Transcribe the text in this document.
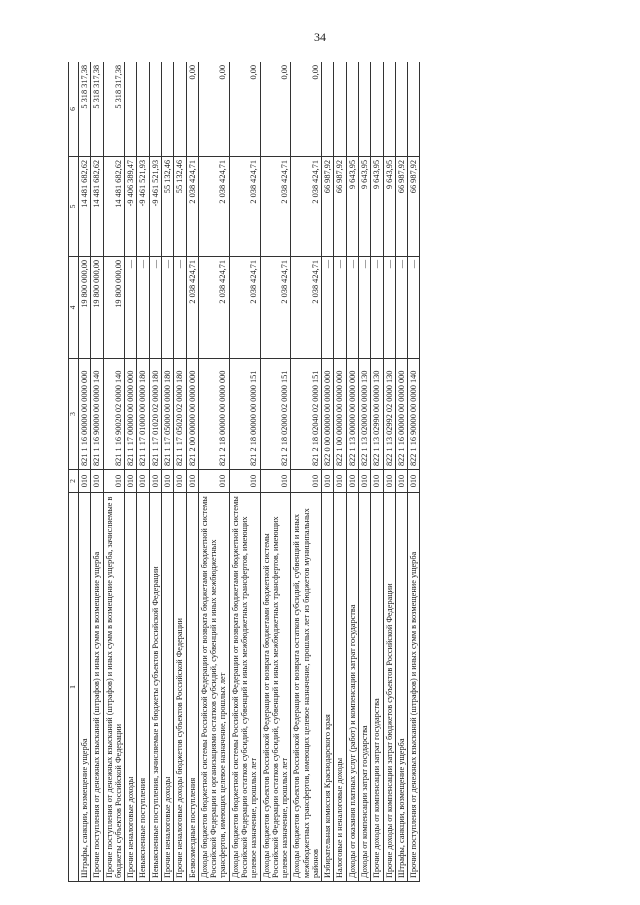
34
1	2	3	4	5	6
Штрафы, санкции, возмещение ущерба	010	821 1 16 00000 00 0000 000	19 800 000,00	14 481 682,62	5 318 317,38
Прочие поступления от денежных взысканий (штрафов) и иных сумм в возмещение ущерба	010	821 1 16 90000 00 0000 140	19 800 000,00	14 481 682,62	5 318 317,38
Прочие поступления от денежных взысканий (штрафов) и иных сумм в возмещение ущерба, зачисляемые в бюджеты субъектов Российской Федерации	010	821 1 16 90020 02 0000 140	19 800 000,00	14 481 682,62	5 318 317,38
Прочие неналоговые доходы	010	821 1 17 00000 00 0000 000	—	-9 406 389,47	
Невыясненные поступления	010	821 1 17 01000 00 0000 180	—	-9 461 521,93	
Невыясненные поступления, зачисляемые в бюджеты субъектов Российской Федерации	010	821 1 17 01020 02 0000 180	—	-9 461 521,93	
Прочие неналоговые доходы	010	821 1 17 05000 00 0000 180	—	55 132,46	
Прочие неналоговые доходы бюджетов субъектов Российской Федерации	010	821 1 17 05020 02 0000 180	—	55 132,46	
Безвозмездные поступления	010	821 2 00 00000 00 0000 000	2 038 424,71	2 038 424,71	0,00
Доходы бюджетов бюджетной системы Российской Федерации от возврата бюджетами бюджетной системы Российской Федерации и организациями остатков субсидий, субвенций и иных межбюджетных трансфертов, имеющих целевое назначение, прошлых лет	010	821 2 18 00000 00 0000 000	2 038 424,71	2 038 424,71	0,00
Доходы бюджетов бюджетной системы Российской Федерации от возврата бюджетами бюджетной системы Российской Федерации остатков субсидий, субвенций и иных межбюджетных трансфертов, имеющих целевое назначение, прошлых лет	010	821 2 18 00000 00 0000 151	2 038 424,71	2 038 424,71	0,00
Доходы бюджетов субъектов Российской Федерации от возврата бюджетами бюджетной системы Российской Федерации остатков субсидий, субвенций и иных межбюджетных трансфертов, имеющих целевое назначение, прошлых лет	010	821 2 18 02000 02 0000 151	2 038 424,71	2 038 424,71	0,00
Доходы бюджетов субъектов Российской Федерации от возврата остатков субсидий, субвенций и иных межбюджетных трансфертов, имеющих целевое назначение, прошлых лет из бюджетов муниципальных районов	010	821 2 18 02040 02 0000 151	2 038 424,71	2 038 424,71	0,00
Избирательная комиссия Краснодарского края	010	822 0 00 00000 00 0000 000	—	66 987,92	
Налоговые и неналоговые доходы	010	822 1 00 00000 00 0000 000	—	66 987,92	
Доходы от оказания платных услуг (работ) и компенсации затрат государства	010	822 1 13 00000 00 0000 000	—	9 643,95	
Доходы от компенсации затрат государства	010	822 1 13 02000 00 0000 130	—	9 643,95	
Прочие доходы от компенсации затрат государства	010	822 1 13 02990 00 0000 130	—	9 643,95	
Прочие доходы от компенсации затрат бюджетов субъектов Российской Федерации	010	822 1 13 02992 02 0000 130	—	9 643,95	
Штрафы, санкции, возмещение ущерба	010	822 1 16 00000 00 0000 000	—	66 987,92	
Прочие поступления от денежных взысканий (штрафов) и иных сумм в возмещение ущерба	010	822 1 16 90000 00 0000 140	—	66 987,92	
